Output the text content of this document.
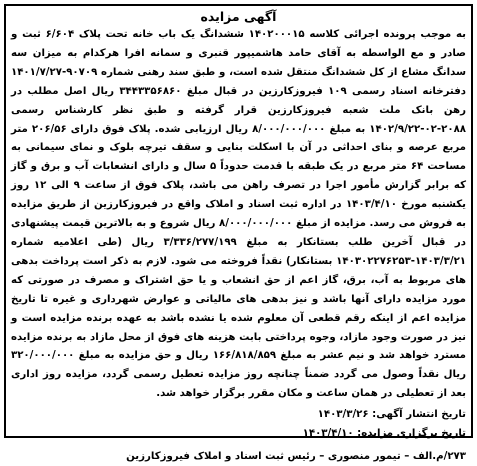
آگهی مزایده

به موجب پرونده اجرائی کلاسه ۱۴۰۲۰۰۰۱۵ ششدانگ یک باب خانه تحت پلاک ۶/۶۰۴ ثبت و صادر و مع الواسطه به آقای حامد هاشمیپور قنبری و سمانه افرا هرکدام به میزان سه سدانگ مشاع از کل ششدانگ منتقل شده است، و طبق سند رهنی شماره ۹۰۷۰۹-۱۴۰۱/۷/۲۷ دفترخانه اسناد رسمی ۱۰۹ فیروزکارزین در قبال مبلغ ۳۴۴۳۳۵۶۸۶۰ ریال اصل مطلب در رهن بانک ملت شعبه فیروزکارزین قرار گرفته و طبق نظر کارشناس رسمی ۲۰۸۸-۰۲-۱۴۰۲/۹/۲۲ به مبلغ ۸/۰۰۰/۰۰۰/۰۰۰ ریال ارزیابی شده. پلاک فوق دارای ۲۰۶/۵۶ متر مربع عرصه و بنای احداثی در آن با اسکلت بنایی و سقف تیرچه بلوک و نمای سیمانی به مساحت ۶۴ متر مربع در یک طبقه با قدمت حدوداً ۵ سال و دارای انشعابات آب و برق و گاز که برابر گزارش مأمور اجرا در تصرف راهن می باشد، پلاک فوق از ساعت ۹ الی ۱۲ روز یکشنبه مورخ ۱۴۰۳/۴/۱۰ در اداره ثبت اسناد و املاک واقع در فیروزکارزین از طریق مزایده به فروش می رسد. مزایده از مبلغ ۸/۰۰۰/۰۰۰/۰۰۰ ریال شروع و به بالاترین قیمت پیشنهادی در قبال آخرین طلب بستانکار به مبلغ ۳/۳۳۶/۲۷۷/۱۹۹ ریال (طی اعلامیه شماره ۱۴۰۳/۳/۲۱-۱۴۰۳۰۲۲۷۶۲۵۳ بستانکار) نقداً فروخته می شود. لازم به ذکر است پرداخت بدهی های مربوط به آب، برق، گاز اعم از حق انشعاب و یا حق اشتراک و مصرف در صورتی که مورد مزایده دارای آنها باشد و نیز بدهی های مالیاتی و عوارض شهرداری و غیره تا تاریخ مزایده اعم از اینکه رقم قطعی آن معلوم شده یا نشده باشد به عهده برنده مزایده است و نیز در صورت وجود مازاد، وجوه پرداختی بابت هزینه های فوق از محل مازاد به برنده مزایده مسترد خواهد شد و نیم عشر به مبلغ ۱۶۶/۸۱۸/۸۵۹ ریال و حق مزایده به مبلغ ۳۲۰/۰۰۰/۰۰۰ ریال نقداً وصول می گردد ضمناً چنانچه روز مزایده تعطیل رسمی گردد، مزایده روز اداری بعد از تعطیلی در همان ساعت و مکان مقرر برگزار خواهد شد.

تاریخ انتشار آگهی: ۱۴۰۳/۳/۲۶
تاریخ برگزاری مزایده: ۱۴۰۳/۴/۱۰
۲۷۳/م.الف – تیمور منصوری – رئیس ثبت اسناد و املاک فیروزکارزین
